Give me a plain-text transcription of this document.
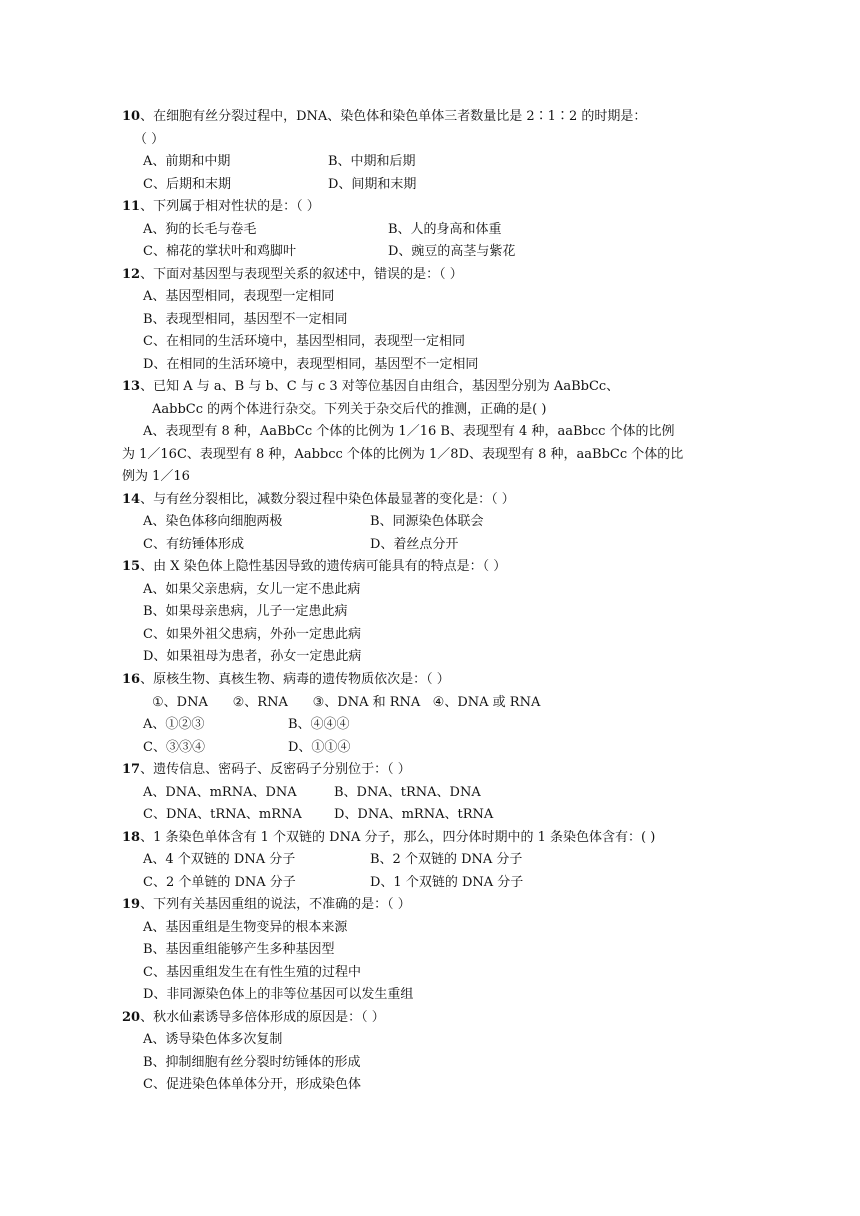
10、在细胞有丝分裂过程中，DNA、染色体和染色单体三者数量比是 2∶1∶2 的时期是：
（ ）
A、前期和中期	B、中期和后期
C、后期和末期	D、间期和末期
11、下列属于相对性状的是：（ ）
A、狗的长毛与卷毛	B、人的身高和体重
C、棉花的掌状叶和鸡脚叶	D、豌豆的高茎与紫花
12、下面对基因型与表现型关系的叙述中，错误的是：（ ）
A、基因型相同，表现型一定相同
B、表现型相同，基因型不一定相同
C、在相同的生活环境中，基因型相同，表现型一定相同
D、在相同的生活环境中，表现型相同，基因型不一定相同
13、已知 A 与 a、B 与 b、C 与 c 3 对等位基因自由组合，基因型分别为 AaBbCc、
AabbCc 的两个体进行杂交。下列关于杂交后代的推测，正确的是( )
A、表现型有 8 种，AaBbCc 个体的比例为 1／16 B、表现型有 4 种，aaBbcc 个体的比例
为 1／16C、表现型有 8 种，Aabbcc 个体的比例为 1／8D、表现型有 8 种，aaBbCc 个体的比
例为 1／16
14、与有丝分裂相比，减数分裂过程中染色体最显著的变化是：（ ）
A、染色体移向细胞两极	B、同源染色体联会
C、有纺锤体形成	D、着丝点分开
15、由 X 染色体上隐性基因导致的遗传病可能具有的特点是：（ ）
A、如果父亲患病，女儿一定不患此病
B、如果母亲患病，儿子一定患此病
C、如果外祖父患病，外孙一定患此病
D、如果祖母为患者，孙女一定患此病
16、原核生物、真核生物、病毒的遗传物质依次是：（ ）
①、DNA      ②、RNA      ③、DNA 和 RNA   ④、DNA 或 RNA
A、①②③	B、④④④
C、③③④	D、①①④
17、遗传信息、密码子、反密码子分别位于：（ ）
A、DNA、mRNA、DNA	B、DNA、tRNA、DNA
C、DNA、tRNA、mRNA D、DNA、mRNA、tRNA
18、1 条染色单体含有 1 个双链的 DNA 分子，那么，四分体时期中的 1 条染色体含有：( )
A、4 个双链的 DNA 分子	B、2 个双链的 DNA 分子
C、2 个单链的 DNA 分子	D、1 个双链的 DNA 分子
19、下列有关基因重组的说法，不准确的是：（ ）
A、基因重组是生物变异的根本来源
B、基因重组能够产生多种基因型
C、基因重组发生在有性生殖的过程中
D、非同源染色体上的非等位基因可以发生重组
20、秋水仙素诱导多倍体形成的原因是：（ ）
A、诱导染色体多次复制
B、抑制细胞有丝分裂时纺锤体的形成
C、促进染色体单体分开，形成染色体
